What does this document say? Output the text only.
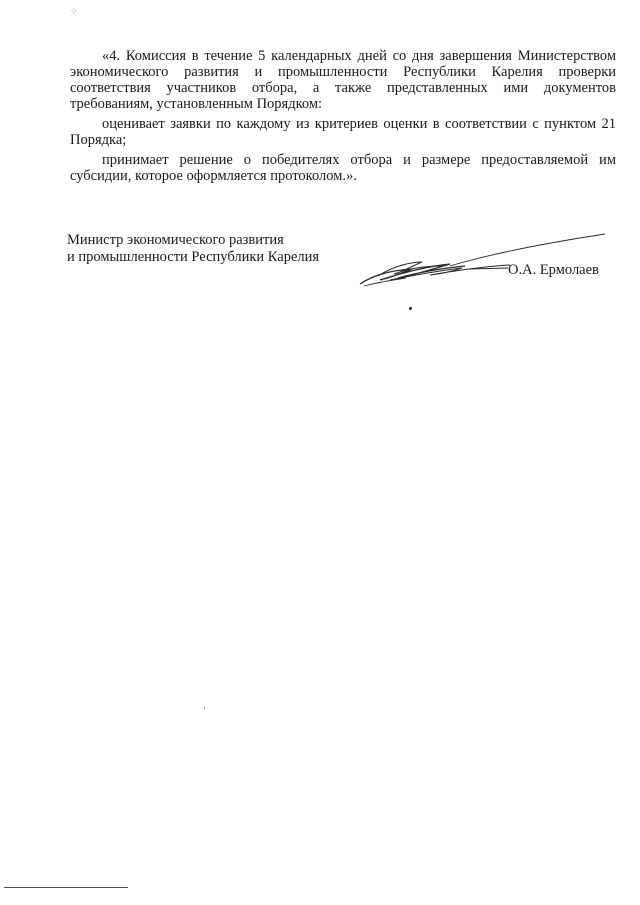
⁘

«4. Комиссия в течение 5 календарных дней со дня завершения Министерством экономического развития и промышленности Республики Карелия проверки соответствия участников отбора, а также представленных ими документов требованиям, установленным Порядком:

оценивает заявки по каждому из критериев оценки в соответствии с пунктом 21 Порядка;

принимает решение о победителях отбора и размере предоставляемой им субсидии, которое оформляется протоколом.».

Министр экономического развития
и промышленности Республики Карелия
О.А. Ермолаев
